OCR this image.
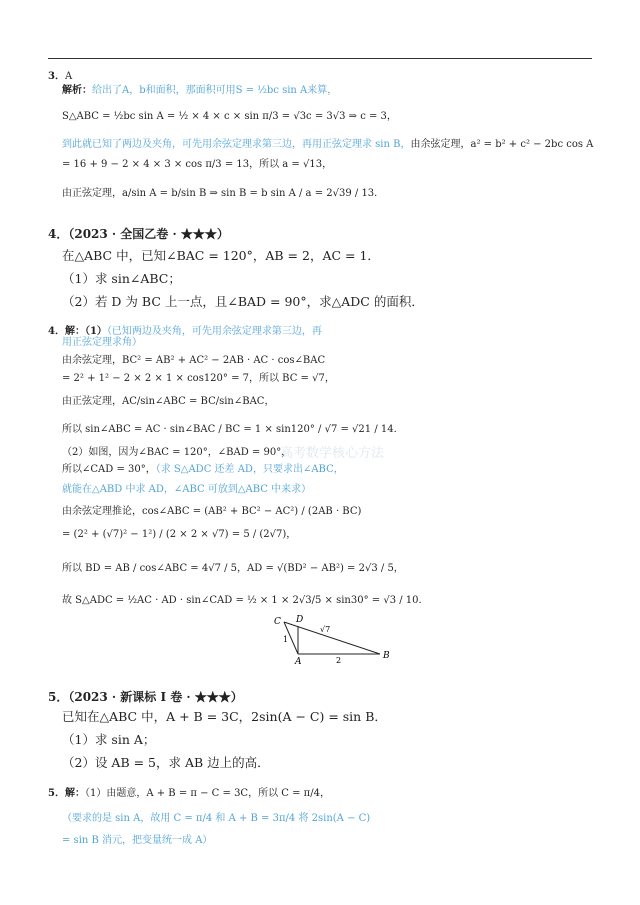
3．A
解析：给出了A，b和面积，那面积可用S = ½bc sin A来算，
S△ABC = ½bc sin A = ½ × 4 × c × sin π/3 = √3c = 3√3 ⇒ c = 3，
到此就已知了两边及夹角，可先用余弦定理求第三边，再用正弦定理求 sin B，由余弦定理，a² = b² + c² − 2bc cos A
= 16 + 9 − 2 × 4 × 3 × cos π/3 = 13，所以 a = √13，
由正弦定理，a/sin A = b/sin B ⇒ sin B = b sin A / a = 2√39 / 13．
4．（2023 · 全国乙卷 · ★★★）
在△ABC 中，已知∠BAC = 120°，AB = 2，AC = 1．
（1）求 sin∠ABC；
（2）若 D 为 BC 上一点，且∠BAD = 90°，求△ADC 的面积．
4．解：（1）（已知两边及夹角，可先用余弦定理求第三边，再
用正弦定理求角）
由余弦定理，BC² = AB² + AC² − 2AB · AC · cos∠BAC
= 2² + 1² − 2 × 2 × 1 × cos120° = 7，所以 BC = √7，
由正弦定理，AC/sin∠ABC = BC/sin∠BAC，
所以 sin∠ABC = AC · sin∠BAC / BC = 1 × sin120° / √7 = √21 / 14．
高考数学核心方法
（2）如图，因为∠BAC = 120°，∠BAD = 90°，
所以∠CAD = 30°，（求 S△ADC 还差 AD，只要求出∠ABC，
就能在△ABD 中求 AD，∠ABC 可放到△ABC 中来求）
由余弦定理推论，cos∠ABC = (AB² + BC² − AC²) / (2AB · BC)
= (2² + (√7)² − 1²) / (2 × 2 × √7) = 5 / (2√7)，
所以 BD = AB / cos∠ABC = 4√7 / 5，AD = √(BD² − AB²) = 2√3 / 5，
故 S△ADC = ½AC · AD · sin∠CAD = ½ × 1 × 2√3/5 × sin30° = √3 / 10．
C D
A
B
1
√7
2
5．（2023 · 新课标 I 卷 · ★★★）
已知在△ABC 中，A + B = 3C，2sin(A − C) = sin B．
（1）求 sin A；
（2）设 AB = 5，求 AB 边上的高．
5．解：（1）由题意，A + B = π − C = 3C，所以 C = π/4，
（要求的是 sin A，故用 C = π/4 和 A + B = 3π/4 将 2sin(A − C)
= sin B 消元，把变量统一成 A）
